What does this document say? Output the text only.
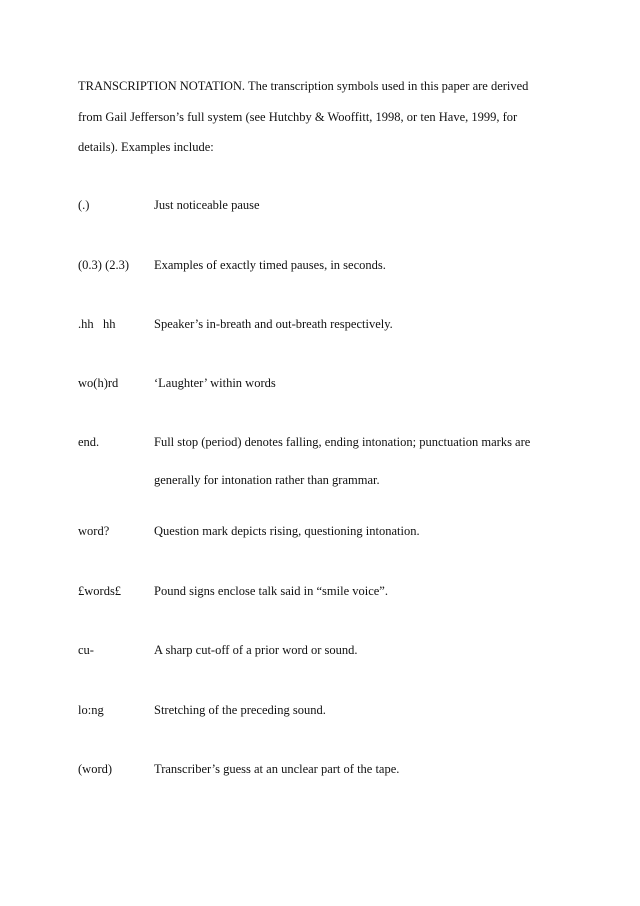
TRANSCRIPTION NOTATION. The transcription symbols used in this paper are derived
from Gail Jefferson’s full system (see Hutchby & Wooffitt, 1998, or ten Have, 1999, for
details). Examples include:
(.)	Just noticeable pause
(0.3) (2.3) Examples of exactly timed pauses, in seconds.
.hh   hh	Speaker’s in-breath and out-breath respectively.
wo(h)rd	‘Laughter’ within words
end.	Full stop (period) denotes falling, ending intonation; punctuation marks are
generally for intonation rather than grammar.
word?	Question mark depicts rising, questioning intonation.
£words£	Pound signs enclose talk said in “smile voice”.
cu-	A sharp cut-off of a prior word or sound.
lo:ng	Stretching of the preceding sound.
(word)	Transcriber’s guess at an unclear part of the tape.
